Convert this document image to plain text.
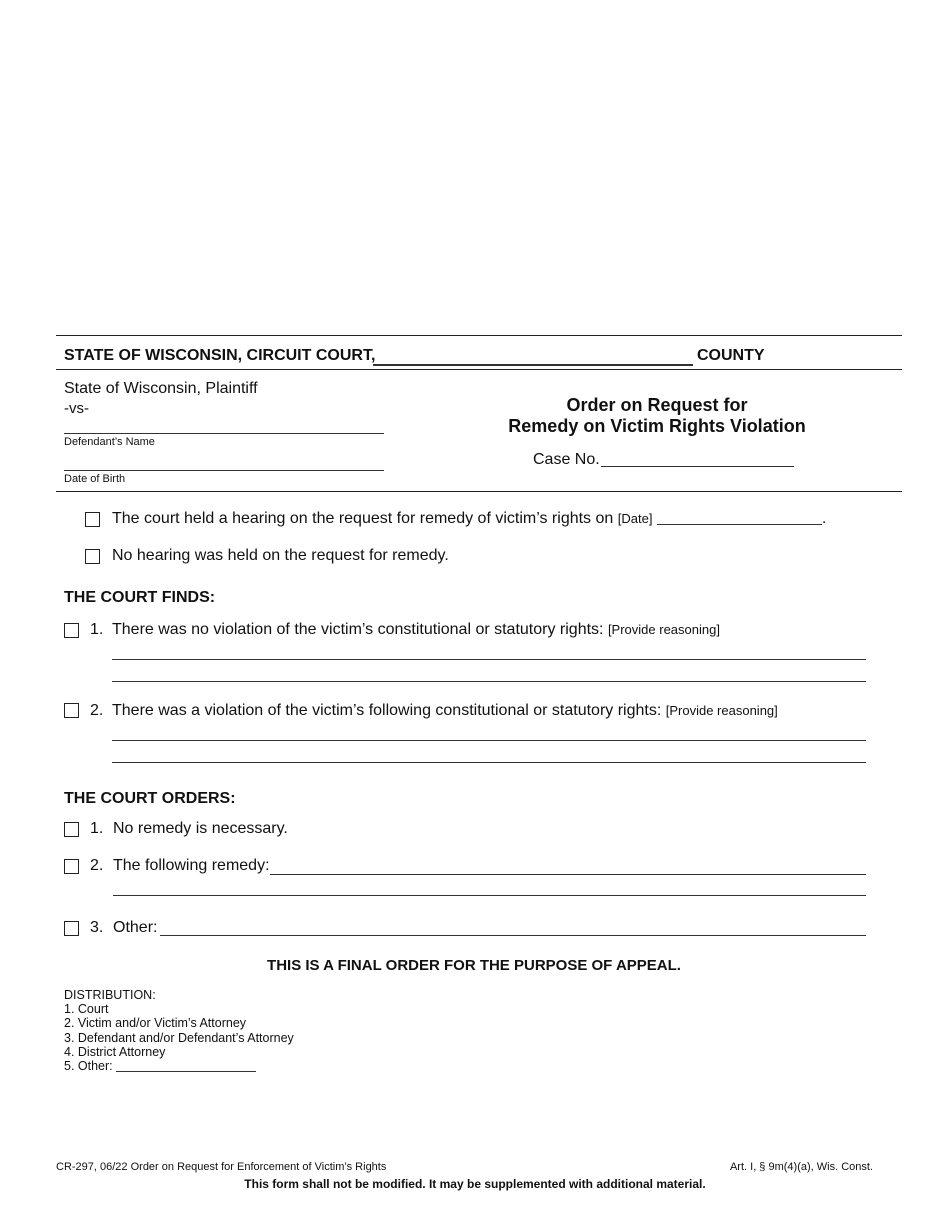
STATE OF WISCONSIN, CIRCUIT COURT,	COUNTY
State of Wisconsin, Plaintiff
-vs-
Defendant’s Name
Date of Birth
Order on Request for
Remedy on Victim Rights Violation
Case No.
The court held a hearing on the request for remedy of victim’s rights on [Date]	.
No hearing was held on the request for remedy.
THE COURT FINDS:
1. There was no violation of the victim’s constitutional or statutory rights: [Provide reasoning]
2. There was a violation of the victim’s following constitutional or statutory rights: [Provide reasoning]
THE COURT ORDERS:
1. No remedy is necessary.
2. The following remedy:
3. Other:
THIS IS A FINAL ORDER FOR THE PURPOSE OF APPEAL.
DISTRIBUTION:
1. Court
2. Victim and/or Victim’s Attorney
3. Defendant and/or Defendant’s Attorney
4. District Attorney
5. Other:
CR-297, 06/22 Order on Request for Enforcement of Victim’s Rights	Art. I, § 9m(4)(a), Wis. Const.
This form shall not be modified. It may be supplemented with additional material.
